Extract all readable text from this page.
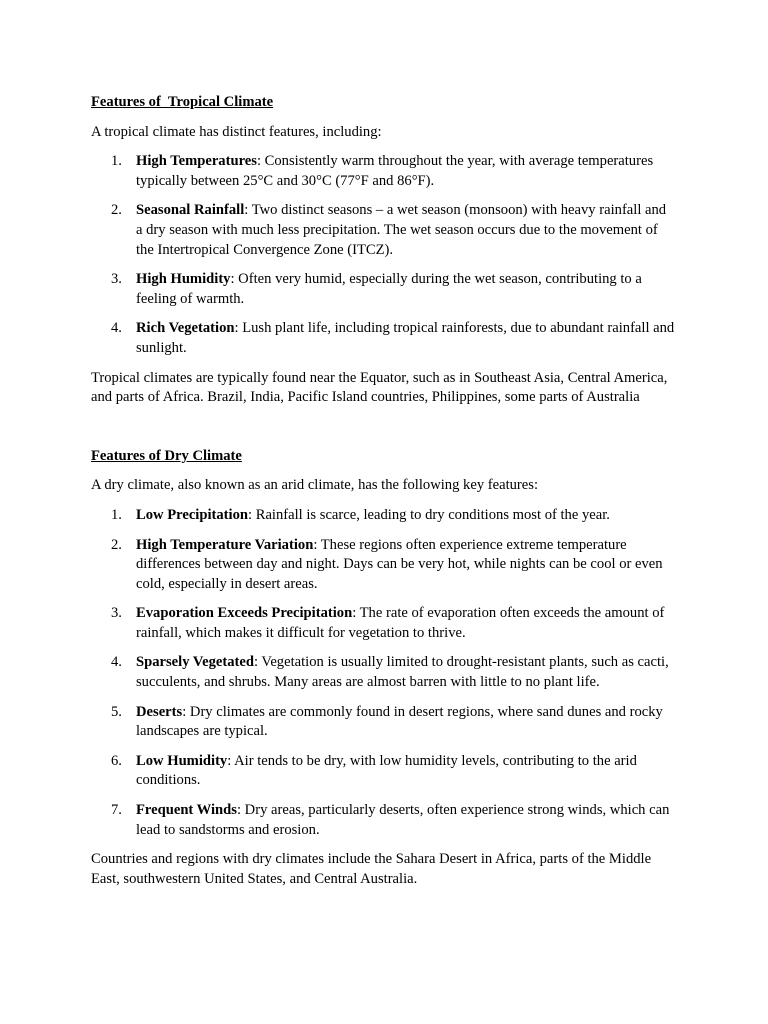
Features of  Tropical Climate

A tropical climate has distinct features, including:

1. High Temperatures: Consistently warm throughout the year, with average temperatures typically between 25°C and 30°C (77°F and 86°F).
2. Seasonal Rainfall: Two distinct seasons – a wet season (monsoon) with heavy rainfall and a dry season with much less precipitation. The wet season occurs due to the movement of the Intertropical Convergence Zone (ITCZ).
3. High Humidity: Often very humid, especially during the wet season, contributing to a feeling of warmth.
4. Rich Vegetation: Lush plant life, including tropical rainforests, due to abundant rainfall and sunlight.

Tropical climates are typically found near the Equator, such as in Southeast Asia, Central America, and parts of Africa. Brazil, India, Pacific Island countries, Philippines, some parts of Australia

Features of Dry Climate

A dry climate, also known as an arid climate, has the following key features:

1. Low Precipitation: Rainfall is scarce, leading to dry conditions most of the year.
2. High Temperature Variation: These regions often experience extreme temperature differences between day and night. Days can be very hot, while nights can be cool or even cold, especially in desert areas.
3. Evaporation Exceeds Precipitation: The rate of evaporation often exceeds the amount of rainfall, which makes it difficult for vegetation to thrive.
4. Sparsely Vegetated: Vegetation is usually limited to drought-resistant plants, such as cacti, succulents, and shrubs. Many areas are almost barren with little to no plant life.
5. Deserts: Dry climates are commonly found in desert regions, where sand dunes and rocky landscapes are typical.
6. Low Humidity: Air tends to be dry, with low humidity levels, contributing to the arid conditions.
7. Frequent Winds: Dry areas, particularly deserts, often experience strong winds, which can lead to sandstorms and erosion.

Countries and regions with dry climates include the Sahara Desert in Africa, parts of the Middle East, southwestern United States, and Central Australia.
